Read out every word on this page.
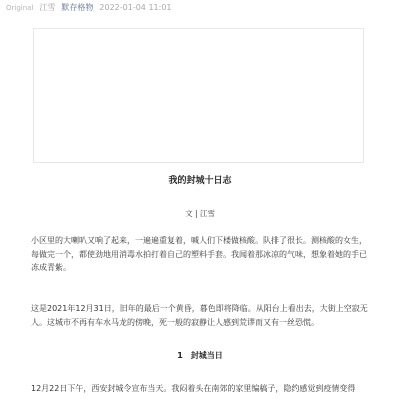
Original 江雪 默存格物 2022-01-04 11:01
我的封城十日志
文 | 江雪

小区里的大喇叭又响了起来，一遍遍重复着，喊人们下楼做核酸。队排了很长。测核酸的女生，每做完一个，都使劲地用消毒水拍打着自己的塑料手套。我闻着那冰凉的气味，想象着她的手已冻成青紫。

这是2021年12月31日，旧年的最后一个黄昏，暮色即将降临。从阳台上看出去，大街上空寂无人。这城市不再有车水马龙的傍晚，死一般的寂静让人感到荒谬而又有一丝恐慌。

1　封城当日

12月22日下午，西安封城令宣布当天。我闷着头在南郊的家里编稿子，隐约感觉到疫情变得
